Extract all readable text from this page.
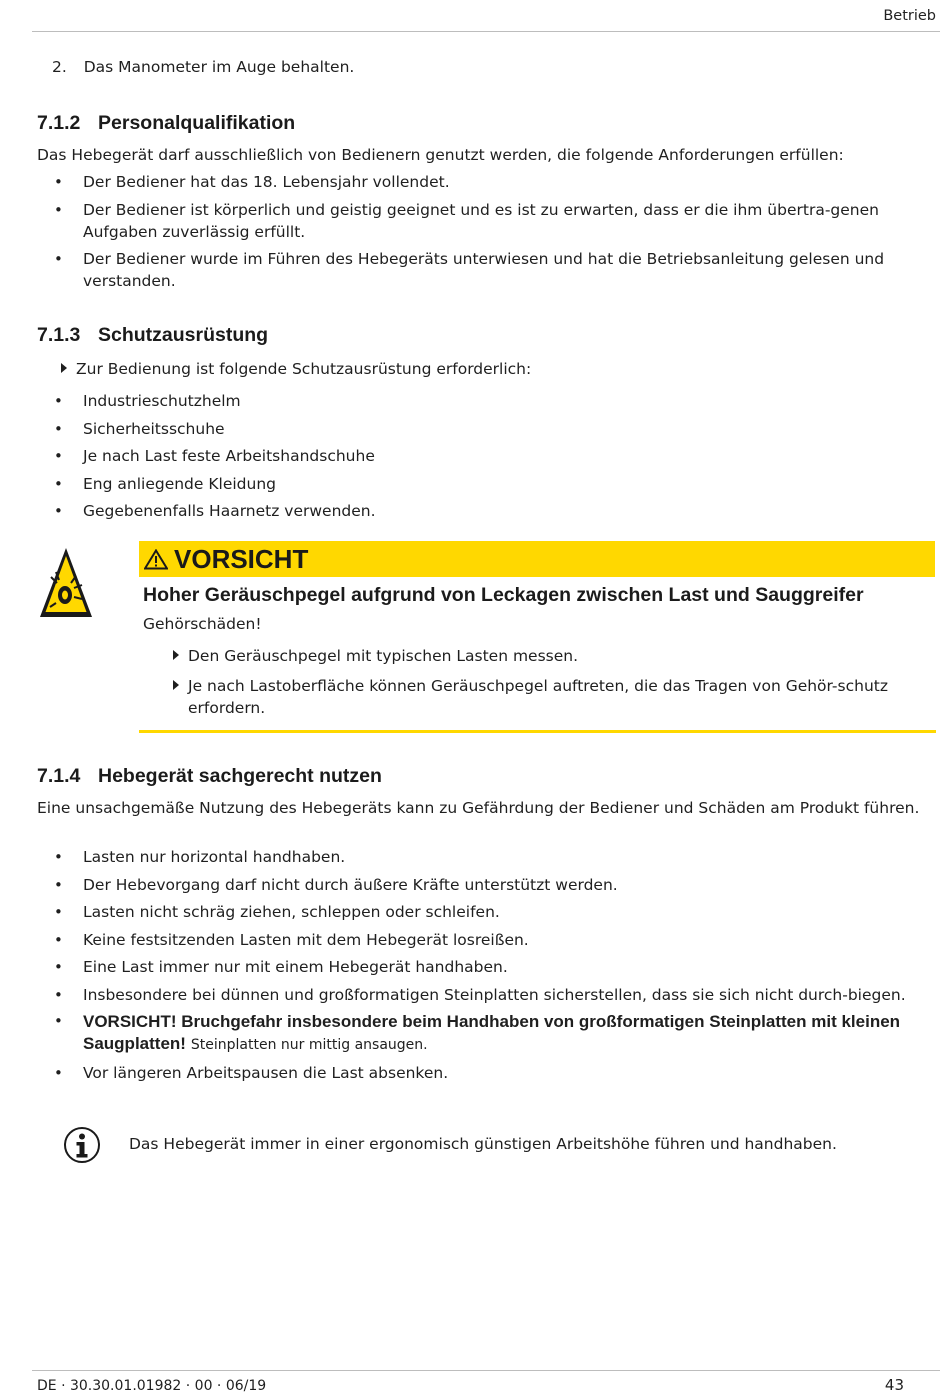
Betrieb
2. Das Manometer im Auge behalten.
7.1.2 Personalqualifikation
Das Hebegerät darf ausschließlich von Bedienern genutzt werden, die folgende Anforderungen erfüllen:
• Der Bediener hat das 18. Lebensjahr vollendet.
• Der Bediener ist körperlich und geistig geeignet und es ist zu erwarten, dass er die ihm übertra-genen Aufgaben zuverlässig erfüllt.
• Der Bediener wurde im Führen des Hebegeräts unterwiesen und hat die Betriebsanleitung gelesen und verstanden.
7.1.3 Schutzausrüstung
Zur Bedienung ist folgende Schutzausrüstung erforderlich:
• Industrieschutzhelm
• Sicherheitsschuhe
• Je nach Last feste Arbeitshandschuhe
• Eng anliegende Kleidung
• Gegebenenfalls Haarnetz verwenden.
VORSICHT
Hoher Geräuschpegel aufgrund von Leckagen zwischen Last und Sauggreifer
Gehörschäden!
Den Geräuschpegel mit typischen Lasten messen.
Je nach Lastoberfläche können Geräuschpegel auftreten, die das Tragen von Gehör-schutz erfordern.
7.1.4 Hebegerät sachgerecht nutzen
Eine unsachgemäße Nutzung des Hebegeräts kann zu Gefährdung der Bediener und Schäden am Produkt führen.
• Lasten nur horizontal handhaben.
• Der Hebevorgang darf nicht durch äußere Kräfte unterstützt werden.
• Lasten nicht schräg ziehen, schleppen oder schleifen.
• Keine festsitzenden Lasten mit dem Hebegerät losreißen.
• Eine Last immer nur mit einem Hebegerät handhaben.
• Insbesondere bei dünnen und großformatigen Steinplatten sicherstellen, dass sie sich nicht durch-biegen.
• VORSICHT! Bruchgefahr insbesondere beim Handhaben von großformatigen Steinplatten mit kleinen Saugplatten! Steinplatten nur mittig ansaugen.
• Vor längeren Arbeitspausen die Last absenken.
Das Hebegerät immer in einer ergonomisch günstigen Arbeitshöhe führen und handhaben.
DE · 30.30.01.01982 · 00 · 06/19	43
